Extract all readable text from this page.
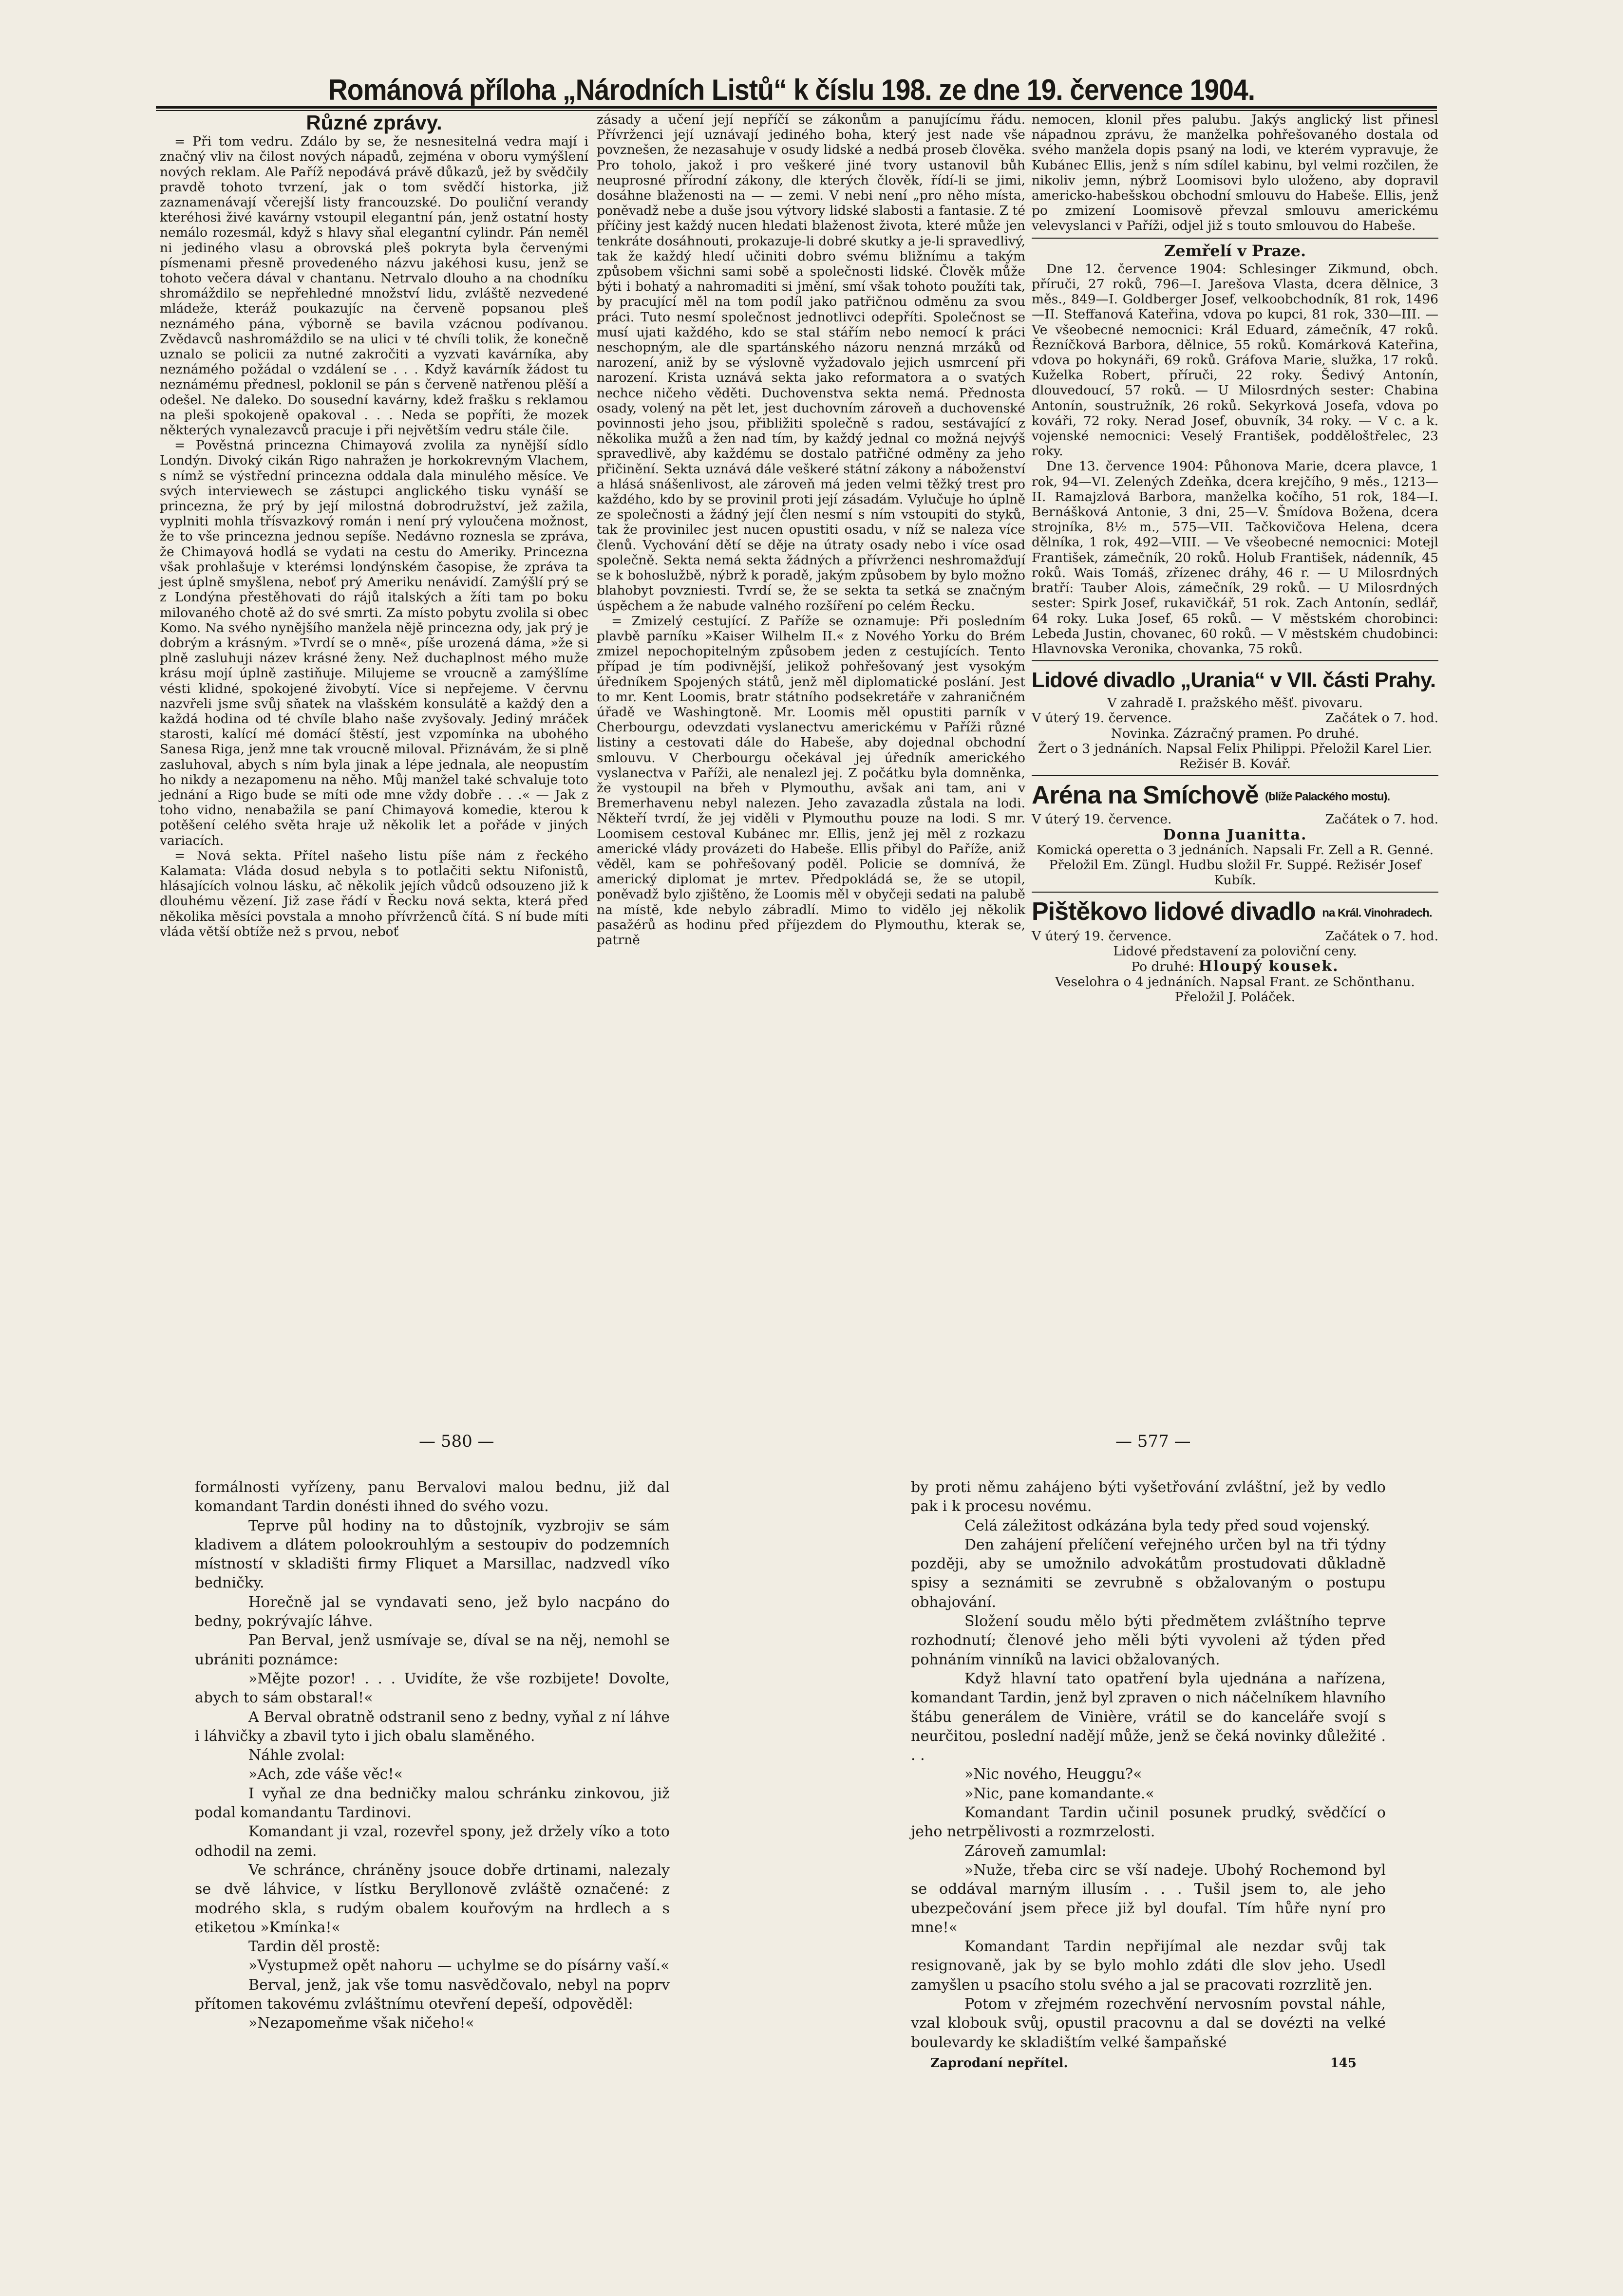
Románová příloha „Národních Listů“ k číslu 198. ze dne 19. července 1904.
Různé zprávy.

= Při tom vedru. Zdálo by se, že nesnesitelná vedra mají i značný vliv na čilost nových nápadů, zejména v oboru vymýšlení nových reklam. Ale Paříž nepodává právě důkazů, jež by svědčily pravdě tohoto tvrzení, jak o tom svědčí historka, již zaznamenávají včerejší listy francouzské. Do pouliční verandy kteréhosi živé kavárny vstoupil elegantní pán, jenž ostatní hosty nemálo rozesmál, když s hlavy sňal elegantní cylindr. Pán neměl ni jediného vlasu a obrovská pleš pokryta byla červenými písmenami přesně provedeného názvu jakéhosi kusu, jenž se tohoto večera dával v chantanu. Netrvalo dlouho a na chodníku shromáždilo se nepřehledné množství lidu, zvláště nezvedené mládeže, kteráž poukazujíc na červeně popsanou pleš neznámého pána, výborně se bavila vzácnou podívanou. Zvědavců nashromáždilo se na ulici v té chvíli tolik, že konečně uznalo se policii za nutné zakročiti a vyzvati kavárníka, aby neznámého požádal o vzdálení se . . . Když kavárník žádost tu neznámému přednesl, poklonil se pán s červeně natřenou plěší a odešel. Ne daleko. Do sousední kavárny, kdež frašku s reklamou na pleši spokojeně opakoval . . . Neda se popříti, že mozek některých vynalezavců pracuje i při největším vedru stále čile.

= Pověstná princezna Chimayová zvolila za nynější sídlo Londýn. Divoký cikán Rigo nahražen je horkokrevným Vlachem, s nímž se výstřední princezna oddala dala minulého měsíce. Ve svých interviewech se zástupci anglického tisku vynáší se princezna, že prý by její milostná dobrodružství, jež zažila, vyplniti mohla třísvazkový román i není prý vyloučena možnost, že to vše princezna jednou sepíše. Nedávno roznesla se zpráva, že Chimayová hodlá se vydati na cestu do Ameriky. Princezna však prohlašuje v kterémsi londýnském časopise, že zpráva ta jest úplně smyšlena, neboť prý Ameriku nenávidí. Zamýšlí prý se z Londýna přestěhovati do rájů italských a žíti tam po boku milovaného chotě až do své smrti. Za místo pobytu zvolila si obec Komo. Na svého nynějšího manžela nějě princezna ody, jak prý je dobrým a krásným. »Tvrdí se o mně«, píše urozená dáma, »že si plně zasluhuji název krásné ženy. Než duchaplnost mého muže krásu mojí úplně zastiňuje. Milujeme se vroucně a zamýšlíme vésti klidné, spokojené živobytí. Více si nepřejeme. V červnu nazvřeli jsme svůj sňatek na vlašském konsulátě a každý den a každá hodina od té chvíle blaho naše zvyšovaly. Jediný mráček starosti, kalící mé domácí štěstí, jest vzpomínka na ubohého Sanesa Riga, jenž mne tak vroucně miloval. Přiznávám, že si plně zasluhoval, abych s ním byla jinak a lépe jednala, ale neopustím ho nikdy a nezapomenu na něho. Můj manžel také schvaluje toto jednání a Rigo bude se míti ode mne vždy dobře . . .« — Jak z toho vidno, nenabažila se paní Chimayová komedie, kterou k potěšení celého světa hraje už několik let a pořáde v jiných variacích.

= Nová sekta. Přítel našeho listu píše nám z řeckého Kalamata: Vláda dosud nebyla s to potlačiti sektu Nifonistů, hlásajících volnou lásku, ač několik jejích vůdců odsouzeno již k dlouhému vězení. Již zase řádí v Řecku nová sekta, která před několika měsíci povstala a mnoho přívrženců čítá. S ní bude míti vláda větší obtíže než s prvou, neboť

zásady a učení její nepříčí se zákonům a panujícímu řádu. Přívrženci její uznávají jediného boha, který jest nade vše povznešen, že nezasahuje v osudy lidské a nedbá proseb člověka. Pro toholo, jakož i pro veškeré jiné tvory ustanovil bůh neuprosné přírodní zákony, dle kterých člověk, řídí-li se jimi, dosáhne blaženosti na — — zemi. V nebi není „pro něho místa, poněvadž nebe a duše jsou výtvory lidské slabosti a fantasie. Z té příčiny jest každý nucen hledati blaženost života, které může jen tenkráte dosáhnouti, prokazuje-li dobré skutky a je-li spravedlivý, tak že každý hledí učiniti dobro svému bližnímu a takým způsobem všichni sami sobě a společnosti lidské. Člověk může býti i bohatý a nahromaditi si jmění, smí však tohoto použíti tak, by pracující měl na tom podíl jako patřičnou odměnu za svou práci. Tuto nesmí společnost jednotlivci odepříti. Společnost se musí ujati každého, kdo se stal stářím nebo nemocí k práci neschopným, ale dle spartánského názoru nenzná mrzáků od narození, aniž by se výslovně vyžadovalo jejich usmrcení při narození. Krista uznává sekta jako reformatora a o svatých nechce ničeho věděti. Duchovenstva sekta nemá. Přednosta osady, volený na pět let, jest duchovním zároveň a duchovenské povinnosti jeho jsou, přibližiti společně s radou, sestávající z několika mužů a žen nad tím, by každý jednal co možná nejvýš spravedlivě, aby každému se dostalo patřičné odměny za jeho přičinění. Sekta uznává dále veškeré státní zákony a náboženství a hlásá snášenlivost, ale zároveň má jeden velmi těžký trest pro každého, kdo by se provinil proti její zásadám. Vylučuje ho úplně ze společnosti a žádný její člen nesmí s ním vstoupiti do styků, tak že provinilec jest nucen opustiti osadu, v níž se naleza více členů. Vychování dětí se děje na útraty osady nebo i více osad společně. Sekta nemá sekta žádných a přívrženci neshromažďují se k bohoslužbě, nýbrž k poradě, jakým způsobem by bylo možno blahobyt povzniesti. Tvrdí se, že se sekta ta setká se značným úspěchem a že nabude valného rozšíření po celém Řecku.

= Zmizelý cestující. Z Paříže se oznamuje: Při posledním plavbě parníku »Kaiser Wilhelm II.« z Nového Yorku do Brém zmizel nepochopitelným způsobem jeden z cestujících. Tento případ je tím podivnější, jelikož pohřešovaný jest vysokým úředníkem Spojených států, jenž měl diplomatické poslání. Jest to mr. Kent Loomis, bratr státního podsekretáře v zahraničném úřadě ve Washingtoně. Mr. Loomis měl opustiti parník v Cherbourgu, odevzdati vyslanectvu americkému v Paříži různé listiny a cestovati dále do Habeše, aby dojednal obchodní smlouvu. V Cherbourgu očekával jej úředník amerického vyslanectva v Paříži, ale nenalezl jej. Z počátku byla domněnka, že vystoupil na břeh v Plymouthu, avšak ani tam, ani v Bremerhavenu nebyl nalezen. Jeho zavazadla zůstala na lodi. Někteří tvrdí, že jej viděli v Plymouthu pouze na lodi. S mr. Loomisem cestoval Kubánec mr. Ellis, jenž jej měl z rozkazu americké vlády provázeti do Habeše. Ellis přibyl do Paříže, aniž věděl, kam se pohřešovaný poděl. Policie se domnívá, že americký diplomat je mrtev. Předpokládá se, že se utopil, poněvadž bylo zjištěno, že Loomis měl v obyčeji sedati na palubě na místě, kde nebylo zábradlí. Mimo to vidělo jej několik pasažérů as hodinu před příjezdem do Plymouthu, kterak se, patrně

nemocen, klonil přes palubu. Jakýs anglický list přinesl nápadnou zprávu, že manželka pohřešovaného dostala od svého manžela dopis psaný na lodi, ve kterém vypravuje, že Kubánec Ellis, jenž s ním sdílel kabinu, byl velmi rozčilen, že nikoliv jemn, nýbrž Loomisovi bylo uloženo, aby dopravil americko-habešskou obchodní smlouvu do Habeše. Ellis, jenž po zmizení Loomisově převzal smlouvu americkému velevyslanci v Paříži, odjel již s touto smlouvou do Habeše.

Zemřelí v Praze.

Dne 12. července 1904: Schlesinger Zikmund, obch. příruči, 27 roků, 796—I. Jarešova Vlasta, dcera dělnice, 3 měs., 849—I. Goldberger Josef, velkoobchodník, 81 rok, 1496—II. Steffanová Kateřina, vdova po kupci, 81 rok, 330—III. — Ve všeobecné nemocnici: Král Eduard, zámečník, 47 roků. Řezníčková Barbora, dělnice, 55 roků. Komárková Kateřina, vdova po hokynáři, 69 roků. Gráfova Marie, služka, 17 roků. Kuželka Robert, příruči, 22 roky. Šedivý Antonín, dlouvedoucí, 57 roků. — U Milosrdných sester: Chabina Antonín, soustružník, 26 roků. Sekyrková Josefa, vdova po kováři, 72 roky. Nerad Josef, obuvník, 34 roky. — V c. a k. vojenské nemocnici: Veselý František, podděloštřelec, 23 roky.

Dne 13. července 1904: Půhonova Marie, dcera plavce, 1 rok, 94—VI. Zelených Zdeňka, dcera krejčího, 9 měs., 1213—II. Ramajzlová Barbora, manželka kočího, 51 rok, 184—I. Bernášková Antonie, 3 dni, 25—V. Šmídova Božena, dcera strojníka, 8½ m., 575—VII. Tačkovičova Helena, dcera dělníka, 1 rok, 492—VIII. — Ve všeobecné nemocnici: Motejl František, zámečník, 20 roků. Holub František, nádenník, 45 roků. Wais Tomáš, zřízenec dráhy, 46 r. — U Milosrdných bratří: Tauber Alois, zámečník, 29 roků. — U Milosrdných sester: Spirk Josef, rukavičkář, 51 rok. Zach Antonín, sedlář, 64 roky. Luka Josef, 65 roků. — V městském chorobinci: Lebeda Justin, chovanec, 60 roků. — V městském chudobinci: Hlavnovska Veronika, chovanka, 75 roků.

Lidové divadlo „Urania“ v VII. části Prahy.
V zahradě I. pražského měšť. pivovaru.
V úterý 19. července.	Začátek o 7. hod.
Novinka. Zázračný pramen. Po druhé.
Žert o 3 jednáních. Napsal Felix Philippi. Přeložil Karel Lier. Režisér B. Kovář.
Aréna na Smíchově (blíže Palackého mostu).
V úterý 19. července.	Začátek o 7. hod.
Donna Juanitta.
Komická operetta o 3 jednáních. Napsali Fr. Zell a R. Genné. Přeložil Em. Züngl. Hudbu složil Fr. Suppé. Režisér Josef Kubík.
Pištěkovo lidové divadlo na Král. Vinohradech.
V úterý 19. července.	Začátek o 7. hod.
Lidové představení za poloviční ceny.
Po druhé: Hloupý kousek.
Veselohra o 4 jednáních. Napsal Frant. ze Schönthanu. Přeložil J. Poláček.
— 580 —	— 577 —

formálnosti vyřízeny, panu Bervalovi malou bednu, již dal komandant Tardin donésti ihned do svého vozu.

Teprve půl hodiny na to důstojník, vyzbrojiv se sám kladivem a dlátem polookrouhlým a sestoupiv do podzemních místností v skladišti firmy Fliquet a Marsillac, nadzvedl víko bedničky.

Horečně jal se vyndavati seno, jež bylo nacpáno do bedny, pokrývajíc láhve.

Pan Berval, jenž usmívaje se, díval se na něj, nemohl se ubrániti poznámce:

»Mějte pozor! . . . Uvidíte, že vše rozbijete! Dovolte, abych to sám obstaral!«

A Berval obratně odstranil seno z bedny, vyňal z ní láhve i láhvičky a zbavil tyto i jich obalu slaměného.

Náhle zvolal:

»Ach, zde váše věc!«

I vyňal ze dna bedničky malou schránku zinkovou, již podal komandantu Tardinovi.

Komandant ji vzal, rozevřel spony, jež držely víko a toto odhodil na zemi.

Ve schránce, chráněny jsouce dobře drtinami, nalezaly se dvě láhvice, v lístku Beryllonově zvláště označené: z modrého skla, s rudým obalem kouřovým na hrdlech a s etiketou »Kmínka!«

Tardin děl prostě:

»Vystupmež opět nahoru — uchylme se do písárny vaší.«

Berval, jenž, jak vše tomu nasvědčovalo, nebyl na poprv přítomen takovému zvláštnímu otevření depeší, odpověděl:

»Nezapomeňme však ničeho!«

by proti němu zahájeno býti vyšetřování zvláštní, jež by vedlo pak i k procesu novému.

Celá záležitost odkázána byla tedy před soud vojenský.

Den zahájení přelíčení veřejného určen byl na tři týdny později, aby se umožnilo advokátům prostudovati důkladně spisy a seznámiti se zevrubně s obžalovaným o postupu obhajování.

Složení soudu mělo býti předmětem zvláštního teprve rozhodnutí; členové jeho měli býti vyvoleni až týden před pohnáním vinníků na lavici obžalovaných.

Když hlavní tato opatření byla ujednána a nařízena, komandant Tardin, jenž byl zpraven o nich náčelníkem hlavního štábu generálem de Vinière, vrátil se do kanceláře svojí s neurčitou, poslední nadějí může, jenž se čeká novinky důležité . . .

»Nic nového, Heuggu?«

»Nic, pane komandante.«

Komandant Tardin učinil posunek prudký, svědčící o jeho netrpělivosti a rozmrzelosti.

Zároveň zamumlal:

»Nuže, třeba circ se vší nadeje. Ubohý Rochemond byl se oddával marným illusím . . . Tušil jsem to, ale jeho ubezpečování jsem přece již byl doufal. Tím hůře nyní pro mne!«

Komandant Tardin nepřijímal ale nezdar svůj tak resignovaně, jak by se bylo mohlo zdáti dle slov jeho. Usedl zamyšlen u psacího stolu svého a jal se pracovati rozrzlitě jen.

Potom v zřejmém rozechvění nervosním povstal náhle, vzal klobouk svůj, opustil pracovnu a dal se dovézti na velké boulevardy ke skladištím velké šampaňské

Zaprodaní nepřítel.	145
